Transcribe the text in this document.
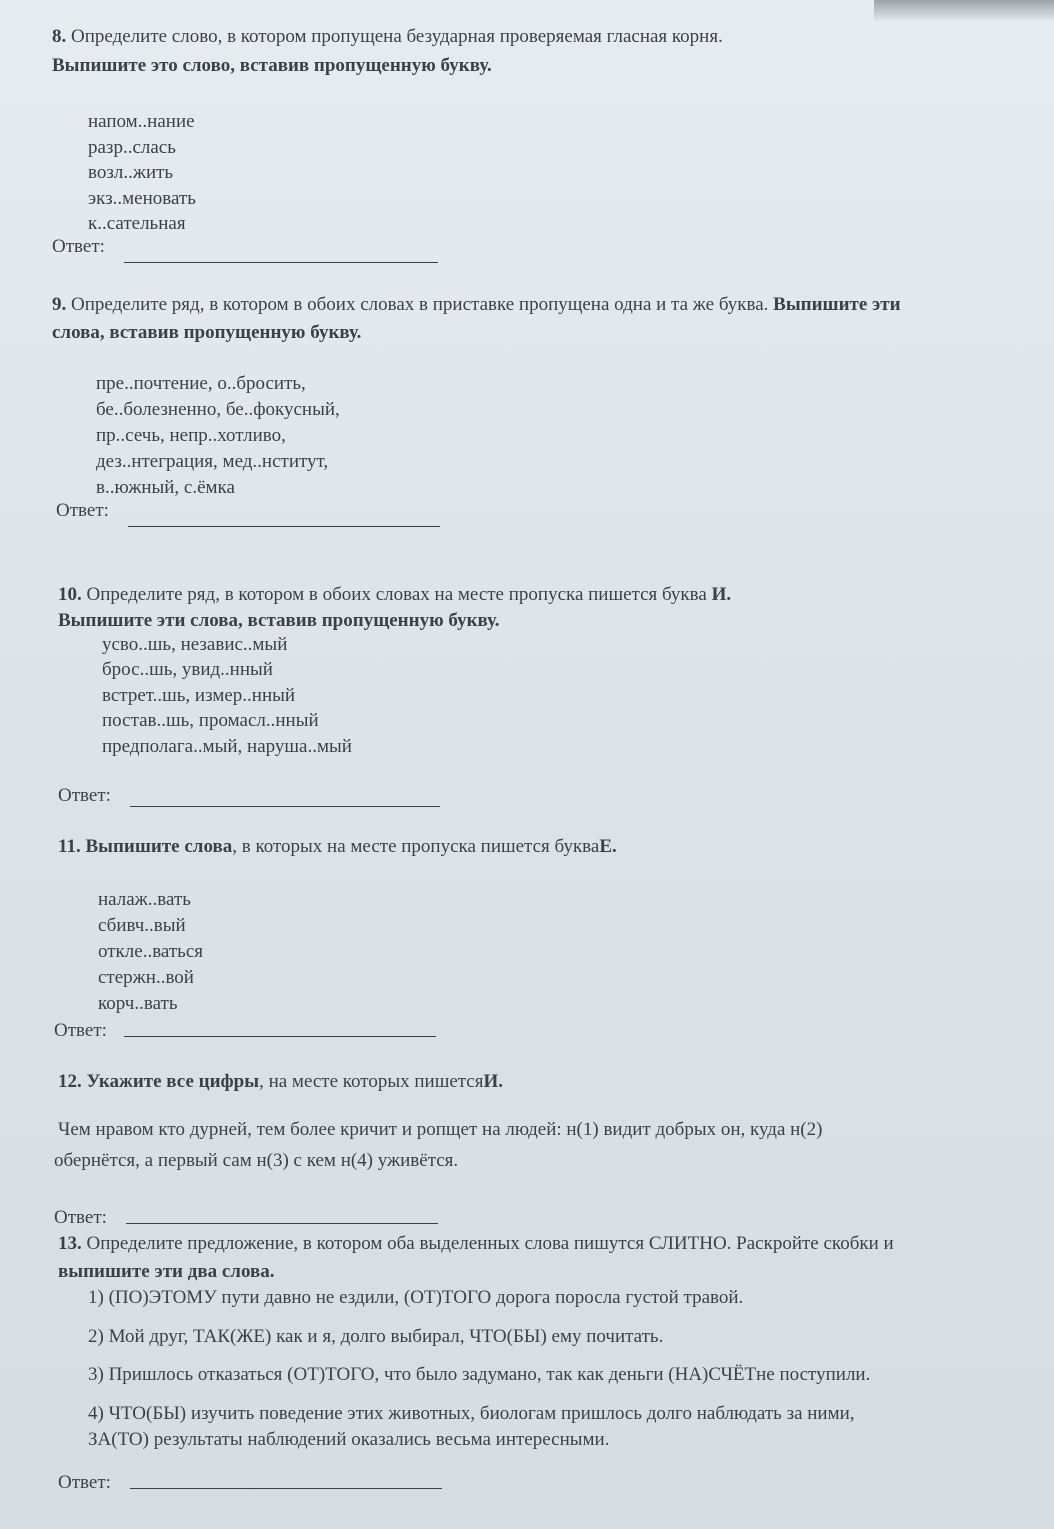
8. Определите слово, в котором пропущена безударная проверяемая гласная корня.
Выпишите это слово, вставив пропущенную букву.
напом..нание
разр..слась
возл..жить
экз..меновать
к..сательная
Ответ:
9. Определите ряд, в котором в обоих словах в приставке пропущена одна и та же буква. Выпишите эти
слова, вставив пропущенную букву.
пре..почтение, о..бросить,
бе..болезненно, бе..фокусный,
пр..сечь, непр..хотливо,
дез..нтеграция, мед..нститут,
в..южный, с.ёмка
Ответ:
10. Определите ряд, в котором в обоих словах на месте пропуска пишется буква И.
Выпишите эти слова, вставив пропущенную букву.
усво..шь, независ..мый
брос..шь, увид..нный
встрет..шь, измер..нный
постав..шь, промасл..нный
предполага..мый, наруша..мый
Ответ:
11. Выпишите слова, в которых на месте пропуска пишется букваЕ.
налаж..вать
сбивч..вый
откле..ваться
стержн..вой
корч..вать
Ответ:
12. Укажите все цифры, на месте которых пишетсяИ.
Чем нравом кто дурней, тем более кричит и ропщет на людей: н(1) видит добрых он, куда н(2)
обернётся, а первый сам н(3) с кем н(4) уживётся.
Ответ:
13. Определите предложение, в котором оба выделенных слова пишутся СЛИТНО. Раскройте скобки и
выпишите эти два слова.
1) (ПО)ЭТОМУ пути давно не ездили, (ОТ)ТОГО дорога поросла густой травой.
2) Мой друг, ТАК(ЖЕ) как и я, долго выбирал, ЧТО(БЫ) ему почитать.
3) Пришлось отказаться (ОТ)ТОГО, что было задумано, так как деньги (НА)СЧЁТне поступили.
4) ЧТО(БЫ) изучить поведение этих животных, биологам пришлось долго наблюдать за ними,
ЗА(ТО) результаты наблюдений оказались весьма интересными.
Ответ:
